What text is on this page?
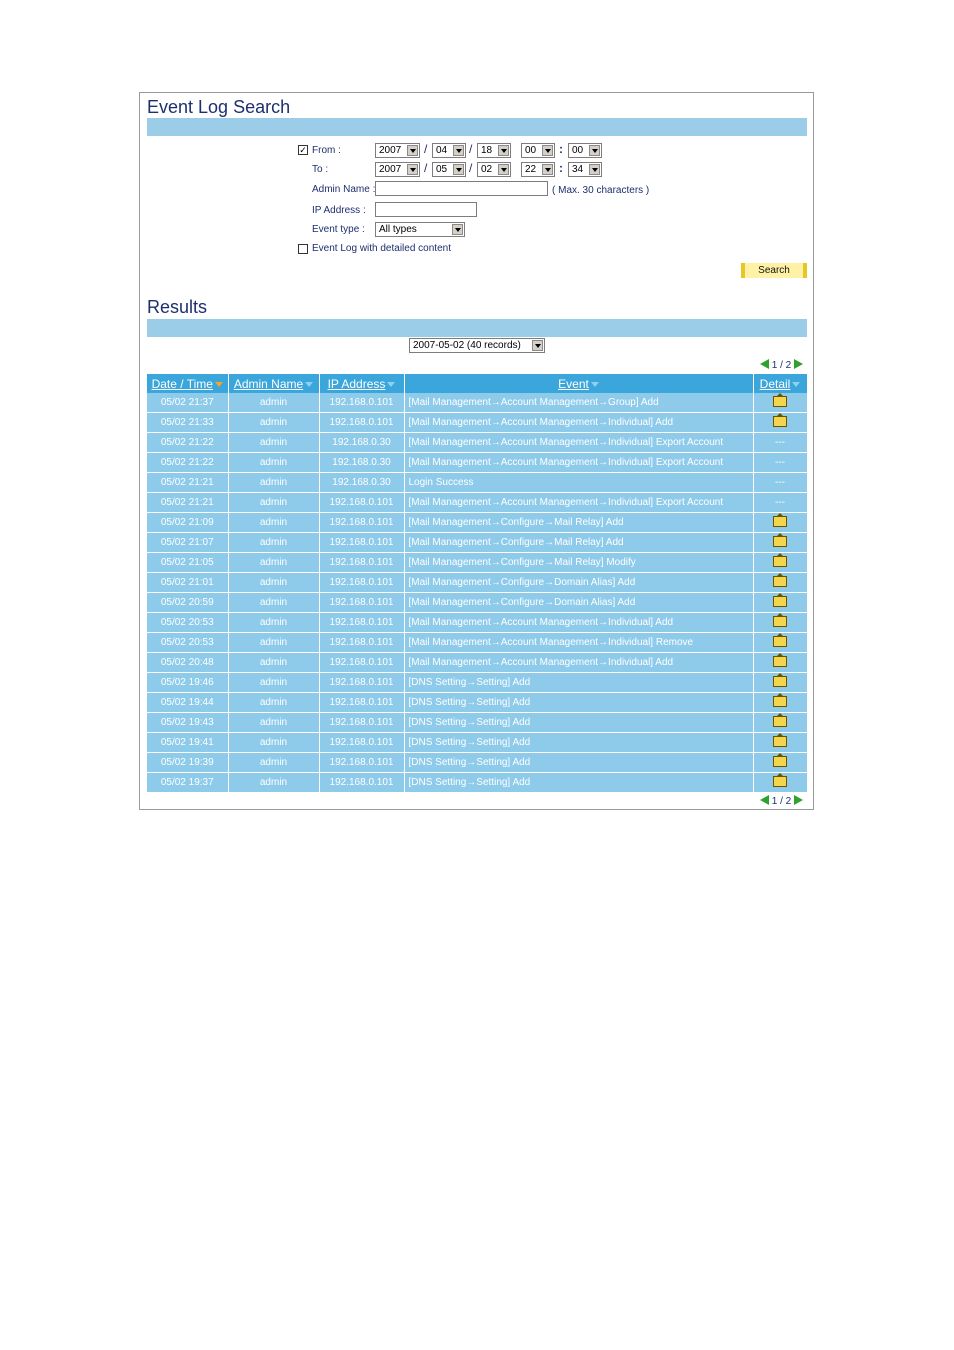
Event Log Search
✓ From :	2007 / 04 / 18	00 : 00
To :	2007 / 05 / 02	22 : 34
Admin Name :	( Max. 30 characters )
IP Address :
Event type : All types
Event Log with detailed content
Search
Results
2007-05-02 (40 records)
1 / 2
Date / Time	Admin Name	IP Address	Event	Detail
05/02 21:37	admin	192.168.0.101	[Mail Management→Account Management→Group] Add	
05/02 21:33	admin	192.168.0.101	[Mail Management→Account Management→Individual] Add	
05/02 21:22	admin	192.168.0.30	[Mail Management→Account Management→Individual] Export Account	---
05/02 21:22	admin	192.168.0.30	[Mail Management→Account Management→Individual] Export Account	---
05/02 21:21	admin	192.168.0.30	Login Success	---
05/02 21:21	admin	192.168.0.101	[Mail Management→Account Management→Individual] Export Account	---
05/02 21:09	admin	192.168.0.101	[Mail Management→Configure→Mail Relay] Add	
05/02 21:07	admin	192.168.0.101	[Mail Management→Configure→Mail Relay] Add	
05/02 21:05	admin	192.168.0.101	[Mail Management→Configure→Mail Relay] Modify	
05/02 21:01	admin	192.168.0.101	[Mail Management→Configure→Domain Alias] Add	
05/02 20:59	admin	192.168.0.101	[Mail Management→Configure→Domain Alias] Add	
05/02 20:53	admin	192.168.0.101	[Mail Management→Account Management→Individual] Add	
05/02 20:53	admin	192.168.0.101	[Mail Management→Account Management→Individual] Remove	
05/02 20:48	admin	192.168.0.101	[Mail Management→Account Management→Individual] Add	
05/02 19:46	admin	192.168.0.101	[DNS Setting→Setting] Add	
05/02 19:44	admin	192.168.0.101	[DNS Setting→Setting] Add	
05/02 19:43	admin	192.168.0.101	[DNS Setting→Setting] Add	
05/02 19:41	admin	192.168.0.101	[DNS Setting→Setting] Add	
05/02 19:39	admin	192.168.0.101	[DNS Setting→Setting] Add	
05/02 19:37	admin	192.168.0.101	[DNS Setting→Setting] Add	
1 / 2
